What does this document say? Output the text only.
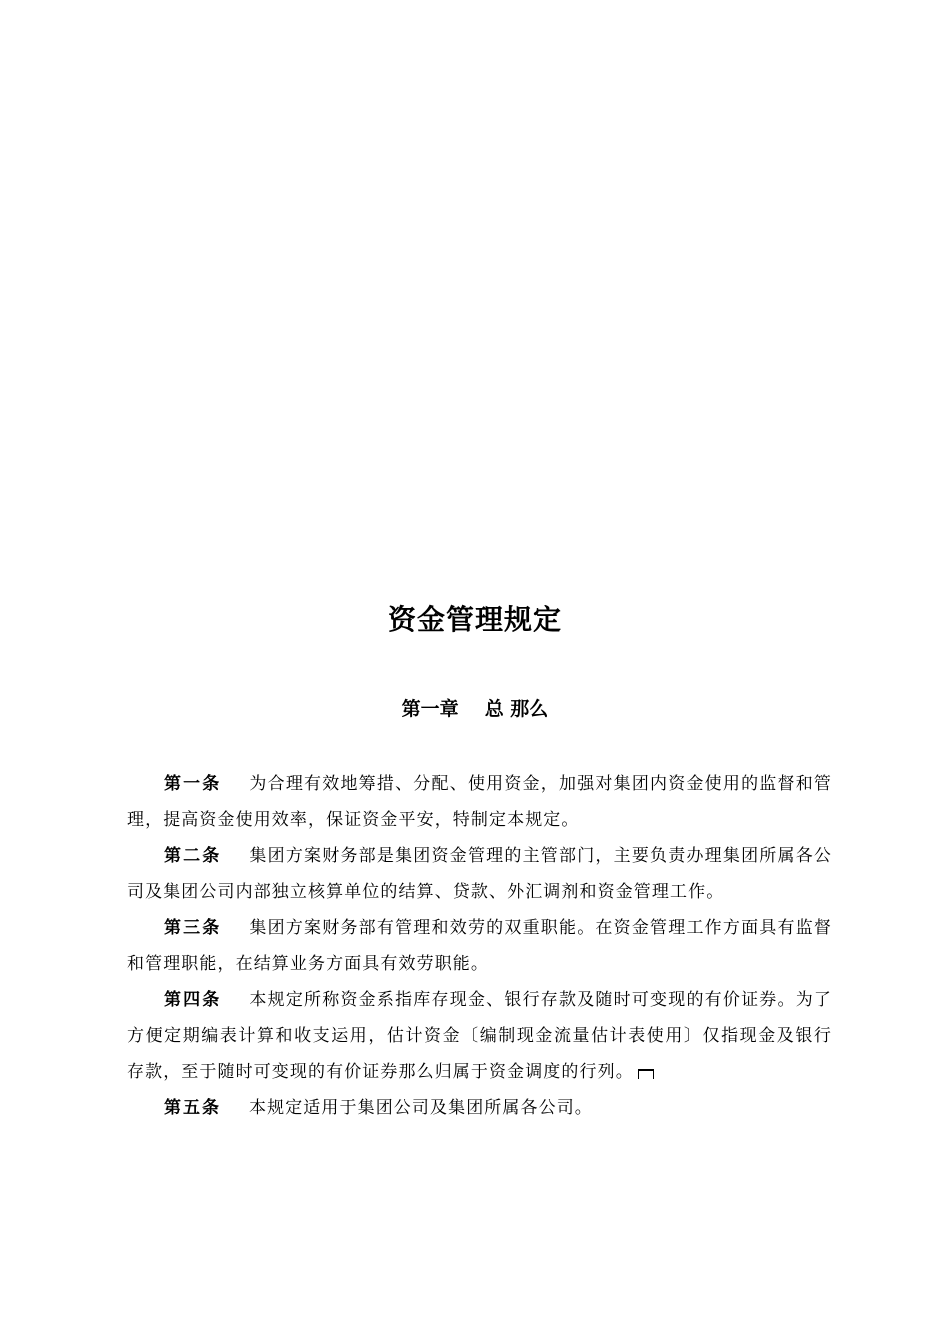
资金管理规定
第一章 总 那么

第一条 为合理有效地筹措、分配、使用资金，加强对集团内资金使用的监督和管理，提高资金使用效率，保证资金平安，特制定本规定。

第二条 集团方案财务部是集团资金管理的主管部门，主要负责办理集团所属各公司及集团公司内部独立核算单位的结算、贷款、外汇调剂和资金管理工作。

第三条 集团方案财务部有管理和效劳的双重职能。在资金管理工作方面具有监督和管理职能，在结算业务方面具有效劳职能。

第四条 本规定所称资金系指库存现金、银行存款及随时可变现的有价证券。为了方便定期编表计算和收支运用，估计资金〔编制现金流量估计表使用〕仅指现金及银行存款，至于随时可变现的有价证券那么归属于资金调度的行列。

第五条 本规定适用于集团公司及集团所属各公司。
